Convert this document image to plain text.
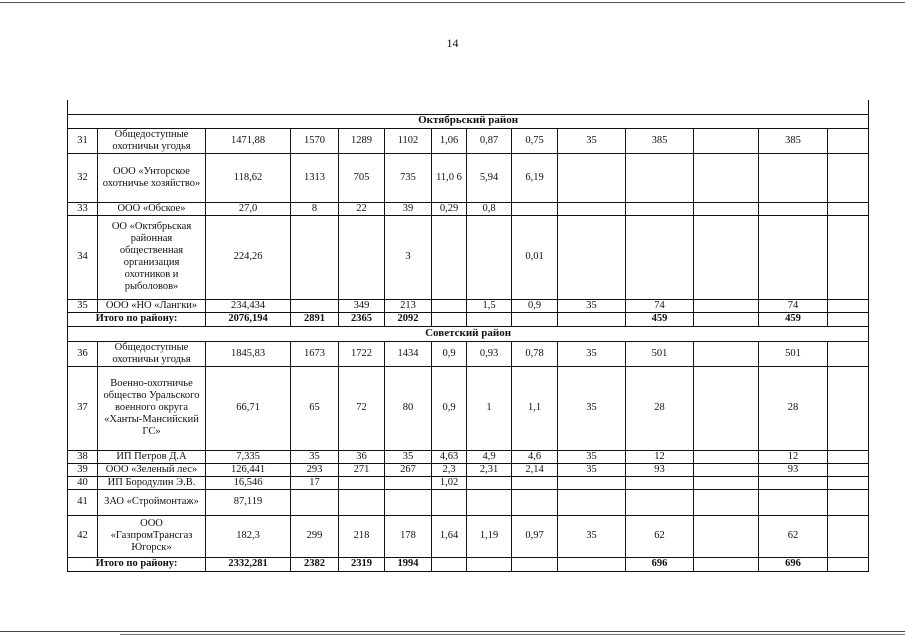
14

Октябрьский район													
31	Общедоступные охотничьи угодья	1471,88	1570	1289	1102	1,06	0,87	0,75	35	385		385	
32	ООО «Унторское охотничье хозяйство»	118,62	1313	705	735	11,0 6	5,94	6,19					
33	ООО «Обское»	27,0	8	22	39	0,29	0,8						
34	ОО «Октябрьская районная общественная организация охотников и рыболовов»	224,26			3			0,01					
35	ООО «НО «Лангки»	234,434		349	213		1,5	0,9	35	74		74	
Итого по району:		2076,194	2891	2365	2092					459		459	
Советский район													
36	Общедоступные охотничьи угодья	1845,83	1673	1722	1434	0,9	0,93	0,78	35	501		501	
37	Военно-охотничье общество Уральского военного округа «Ханты-Мансийский ГС»	66,71	65	72	80	0,9	1	1,1	35	28		28	
38	ИП Петров Д.А	7,335	35	36	35	4,63	4,9	4,6	35	12		12	
39	ООО «Зеленый лес»	126,441	293	271	267	2,3	2,31	2,14	35	93		93	
40	ИП Бородулин Э.В.	16,546	17			1,02							
41	ЗАО «Строймонтаж»	87,119											
42	ООО «ГазпромТрансгаз Югорск»	182,3	299	218	178	1,64	1,19	0,97	35	62		62	
Итого по району:		2332,281	2382	2319	1994					696		696	
